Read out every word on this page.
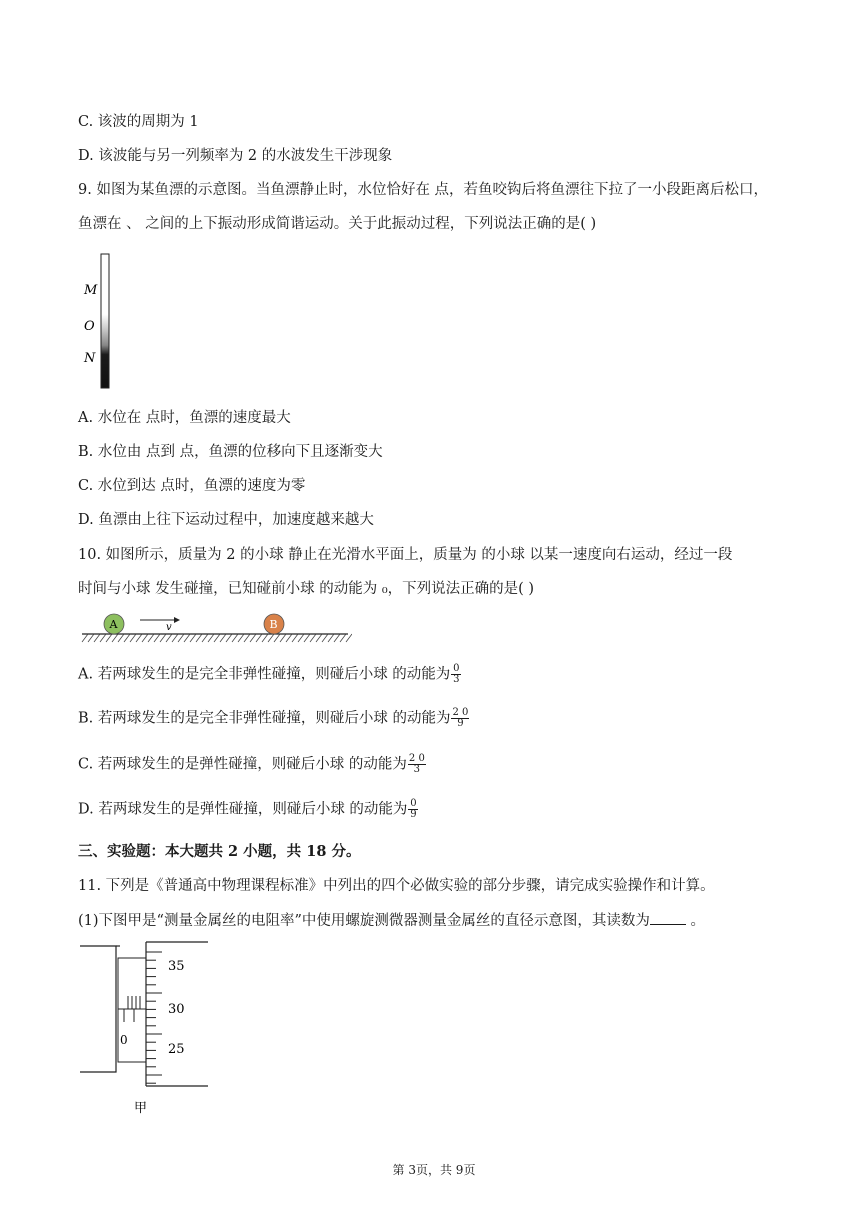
C. 该波的周期为 1
D. 该波能与另一列频率为 2 的水波发生干涉现象
9. 如图为某鱼漂的示意图。当鱼漂静止时，水位恰好在 点，若鱼咬钩后将鱼漂往下拉了一小段距离后松口，
鱼漂在 、 之间的上下振动形成简谐运动。关于此振动过程，下列说法正确的是( )
M
O
N
A. 水位在 点时，鱼漂的速度最大
B. 水位由 点到 点，鱼漂的位移向下且逐渐变大
C. 水位到达 点时，鱼漂的速度为零
D. 鱼漂由上往下运动过程中，加速度越来越大
10. 如图所示，质量为 2 的小球 静止在光滑水平面上，质量为 的小球 以某一速度向右运动，经过一段
时间与小球 发生碰撞，已知碰前小球 的动能为 ₀，下列说法正确的是( )
A	v	B
A. 若两球发生的是完全非弹性碰撞，则碰后小球 的动能为 $\frac{0}{3}$
B. 若两球发生的是完全非弹性碰撞，则碰后小球 的动能为 $\frac{2 0}{9}$
C. 若两球发生的是弹性碰撞，则碰后小球 的动能为 $\frac{2 0}{3}$
D. 若两球发生的是弹性碰撞，则碰后小球 的动能为 $\frac{0}{9}$
三、实验题：本大题共 2 小题，共 18 分。
11. 下列是《普通高中物理课程标准》中列出的四个必做实验的部分步骤，请完成实验操作和计算。
(1)下图甲是“测量金属丝的电阻率”中使用螺旋测微器测量金属丝的直径示意图，其读数为 。
0
35
30
25
甲
第 3页，共 9页
